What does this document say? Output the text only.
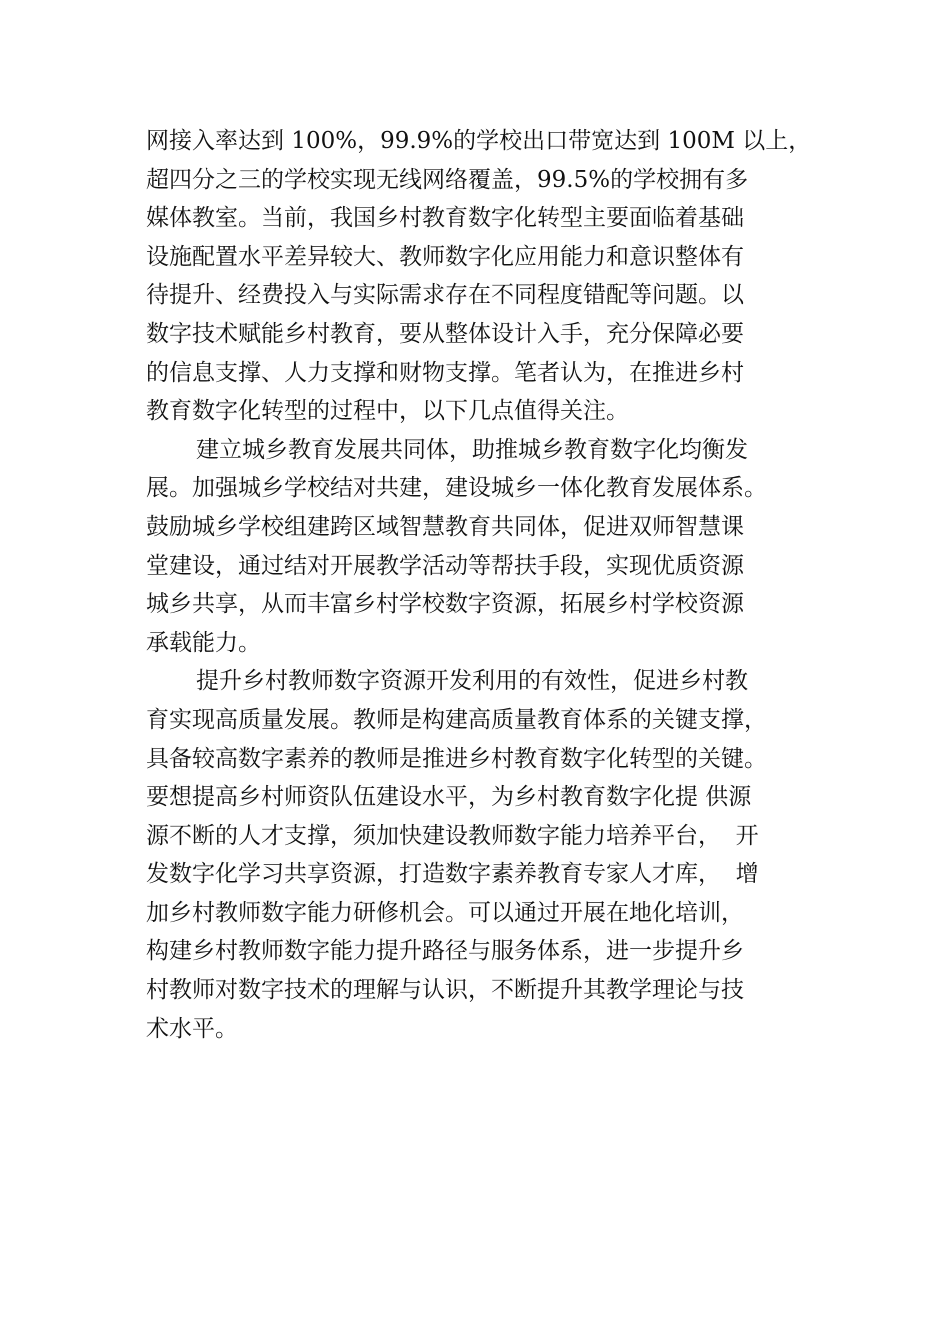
网接入率达到 100%，99.9%的学校出口带宽达到 100M 以上，
超四分之三的学校实现无线网络覆盖，99.5%的学校拥有多
媒体教室。当前，我国乡村教育数字化转型主要面临着基础
设施配置水平差异较大、教师数字化应用能力和意识整体有
待提升、经费投入与实际需求存在不同程度错配等问题。以
数字技术赋能乡村教育，要从整体设计入手，充分保障必要
的信息支撑、人力支撑和财物支撑。笔者认为，在推进乡村
教育数字化转型的过程中，以下几点值得关注。
建立城乡教育发展共同体，助推城乡教育数字化均衡发
展。加强城乡学校结对共建，建设城乡一体化教育发展体系。
鼓励城乡学校组建跨区域智慧教育共同体，促进双师智慧课
堂建设，通过结对开展教学活动等帮扶手段，实现优质资源
城乡共享，从而丰富乡村学校数字资源，拓展乡村学校资源
承载能力。
提升乡村教师数字资源开发利用的有效性，促进乡村教
育实现高质量发展。教师是构建高质量教育体系的关键支撑，
具备较高数字素养的教师是推进乡村教育数字化转型的关键。
要想提高乡村师资队伍建设水平，为乡村教育数字化提 供源
源不断的人才支撑，须加快建设教师数字能力培养平台，  开
发数字化学习共享资源，打造数字素养教育专家人才库，  增
加乡村教师数字能力研修机会。可以通过开展在地化培训，
构建乡村教师数字能力提升路径与服务体系，进一步提升乡
村教师对数字技术的理解与认识，不断提升其教学理论与技
术水平。
